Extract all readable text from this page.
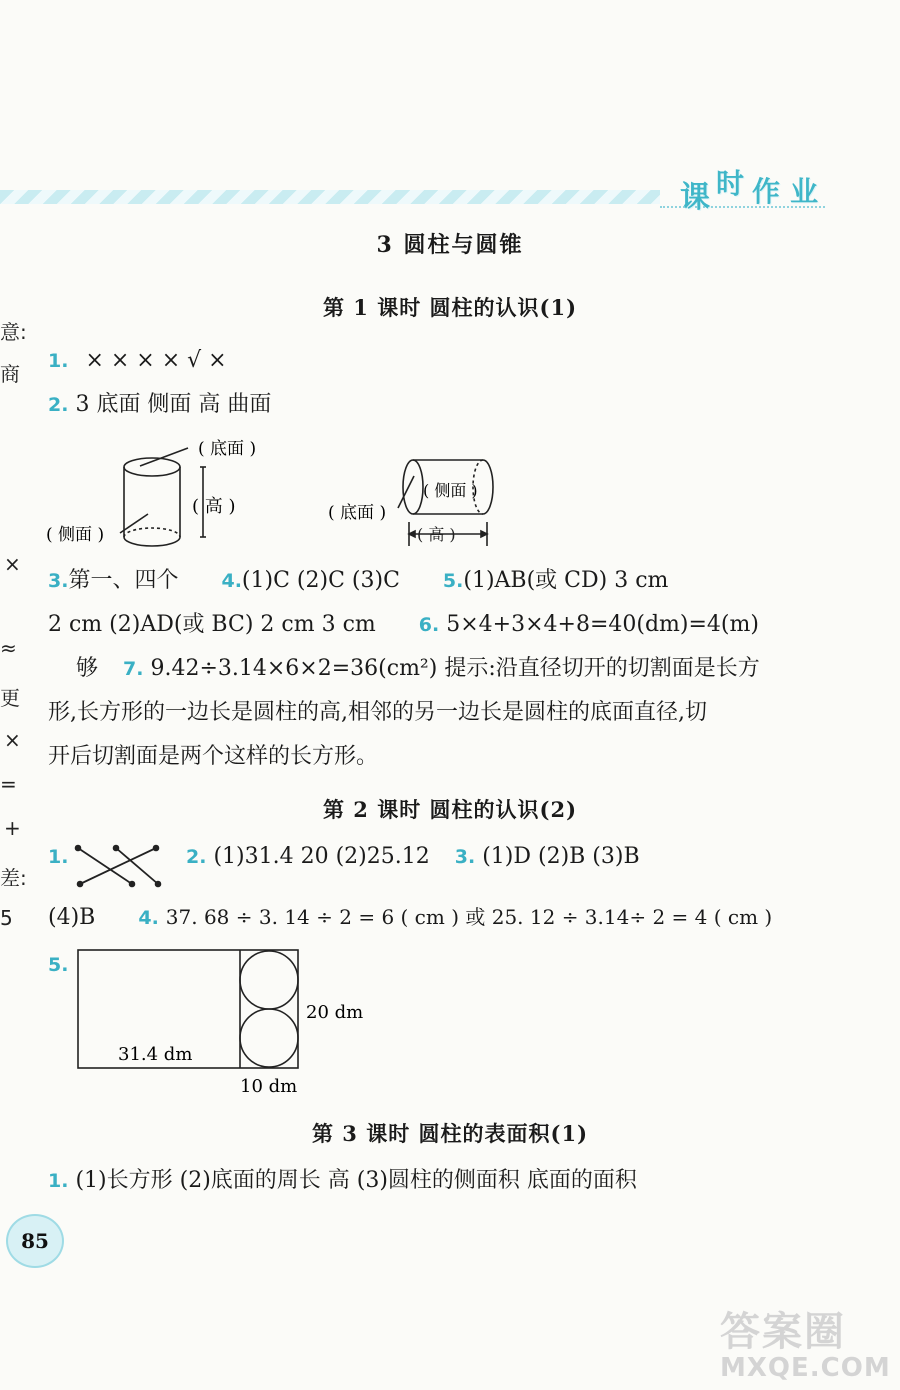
课 时 作 业
意:
商
×
≈
更
×
=
+
差:
5
3 圆柱与圆锥
第 1 课时 圆柱的认识(1)
1. × × × × √ ×
2. 3 底面 侧面 高 曲面
( 底面 )
( 高 )
( 侧面 )
( 底面 )
( 侧面 )
( 高 )
3.第一、四个 4.(1)C (2)C (3)C 5.(1)AB(或 CD) 3 cm
2 cm (2)AD(或 BC) 2 cm 3 cm 6. 5×4+3×4+8=40(dm)=4(m)
够 7. 9.42÷3.14×6×2=36(cm²) 提示:沿直径切开的切割面是长方
形,长方形的一边长是圆柱的高,相邻的另一边长是圆柱的底面直径,切
开后切割面是两个这样的长方形。
第 2 课时 圆柱的认识(2)
1.	2. (1)31.4 20 (2)25.12 3. (1)D (2)B (3)B
(4)B 4. 37. 68 ÷ 3. 14 ÷ 2 = 6 ( cm ) 或 25. 12 ÷ 3.14÷ 2 = 4 ( cm )
5.
31.4 dm
20 dm
10 dm
第 3 课时 圆柱的表面积(1)
1. (1)长方形 (2)底面的周长 高 (3)圆柱的侧面积 底面的面积
85
答案圈
MXQE.COM
